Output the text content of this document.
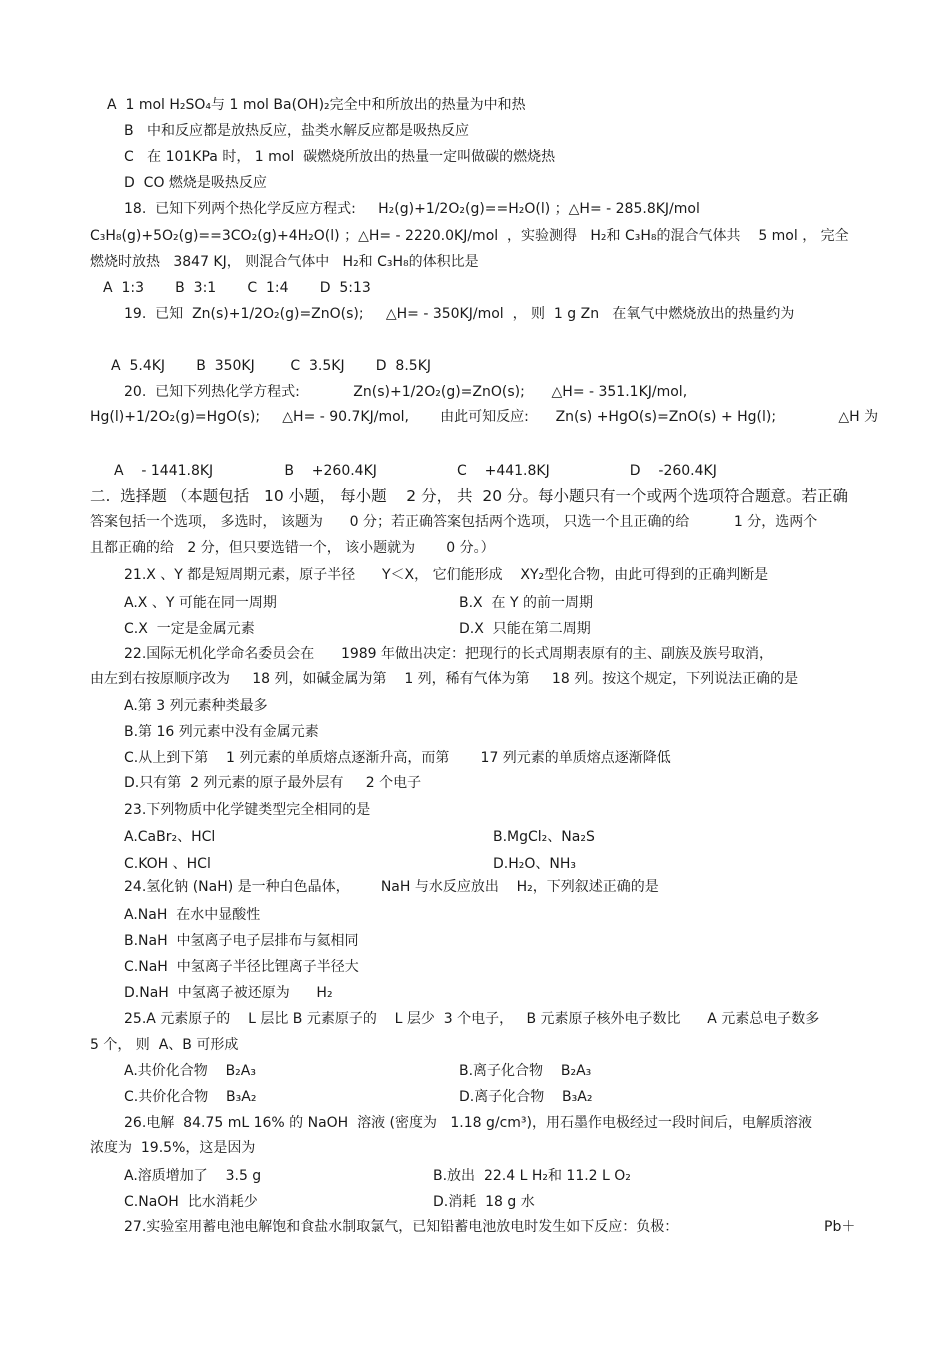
A  1 mol H₂SO₄与 1 mol Ba(OH)₂完全中和所放出的热量为中和热
B   中和反应都是放热反应，盐类水解反应都是吸热反应
C   在 101KPa 时， 1 mol  碳燃烧所放出的热量一定叫做碳的燃烧热
D  CO 燃烧是吸热反应
18.  已知下列两个热化学反应方程式:     H₂(g)+1/2O₂(g)==H₂O(l) ；△H= - 285.8KJ/mol
C₃H₈(g)+5O₂(g)==3CO₂(g)+4H₂O(l) ；△H= - 2220.0KJ/mol  ，实验测得   H₂和 C₃H₈的混合气体共    5 mol ， 完全
燃烧时放热   3847 KJ， 则混合气体中   H₂和 C₃H₈的体积比是
A  1:3       B  3:1       C  1:4       D  5:13
19.  已知  Zn(s)+1/2O₂(g)=ZnO(s);     △H= - 350KJ/mol  ， 则  1 g Zn   在氧气中燃烧放出的热量约为
A  5.4KJ       B  350KJ        C  3.5KJ       D  8.5KJ
20.  已知下列热化学方程式:            Zn(s)+1/2O₂(g)=ZnO(s);      △H= - 351.1KJ/mol,
Hg(l)+1/2O₂(g)=HgO(s);     △H= - 90.7KJ/mol,       由此可知反应:      Zn(s) +HgO(s)=ZnO(s) + Hg(l);              △H 为
A    - 1441.8KJ                B    +260.4KJ                  C    +441.8KJ                  D    -260.4KJ
二.  选择题 （本题包括   10 小题， 每小题    2 分， 共  20 分。每小题只有一个或两个选项符合题意。若正确
答案包括一个选项， 多选时， 该题为      0 分；若正确答案包括两个选项， 只选一个且正确的给          1 分，选两个
且都正确的给   2 分，但只要选错一个， 该小题就为       0 分。）
21.X 、Y 都是短周期元素，原子半径      Y＜X， 它们能形成    XY₂型化合物，由此可得到的正确判断是
A.X 、Y 可能在同一周期	B.X  在 Y 的前一周期
C.X  一定是金属元素	D.X  只能在第二周期
22.国际无机化学命名委员会在      1989 年做出决定：把现行的长式周期表原有的主、副族及族号取消，
由左到右按原顺序改为     18 列，如碱金属为第    1 列，稀有气体为第     18 列。按这个规定，下列说法正确的是
A.第 3 列元素种类最多
B.第 16 列元素中没有金属元素
C.从上到下第    1 列元素的单质熔点逐渐升高，而第       17 列元素的单质熔点逐渐降低
D.只有第  2 列元素的原子最外层有     2 个电子
23.下列物质中化学键类型完全相同的是
A.CaBr₂、HCl	B.MgCl₂、Na₂S
C.KOH 、HCl	D.H₂O、NH₃
24.氢化钠 (NaH) 是一种白色晶体，       NaH 与水反应放出    H₂，下列叙述正确的是
A.NaH  在水中显酸性
B.NaH  中氢离子电子层排布与氦相同
C.NaH  中氢离子半径比锂离子半径大
D.NaH  中氢离子被还原为      H₂
25.A 元素原子的    L 层比 B 元素原子的    L 层少  3 个电子，   B 元素原子核外电子数比      A 元素总电子数多
5 个， 则  A、B 可形成
A.共价化合物    B₂A₃	B.离子化合物    B₂A₃
C.共价化合物    B₃A₂	D.离子化合物    B₃A₂
26.电解  84.75 mL 16% 的 NaOH  溶液 (密度为   1.18 g/cm³)，用石墨作电极经过一段时间后，电解质溶液
浓度为  19.5%，这是因为
A.溶质增加了    3.5 g	B.放出  22.4 L H₂和 11.2 L O₂
C.NaOH  比水消耗少	D.消耗  18 g 水
27.实验室用蓄电池电解饱和食盐水制取氯气，已知铅蓄电池放电时发生如下反应：负极：	Pb＋
